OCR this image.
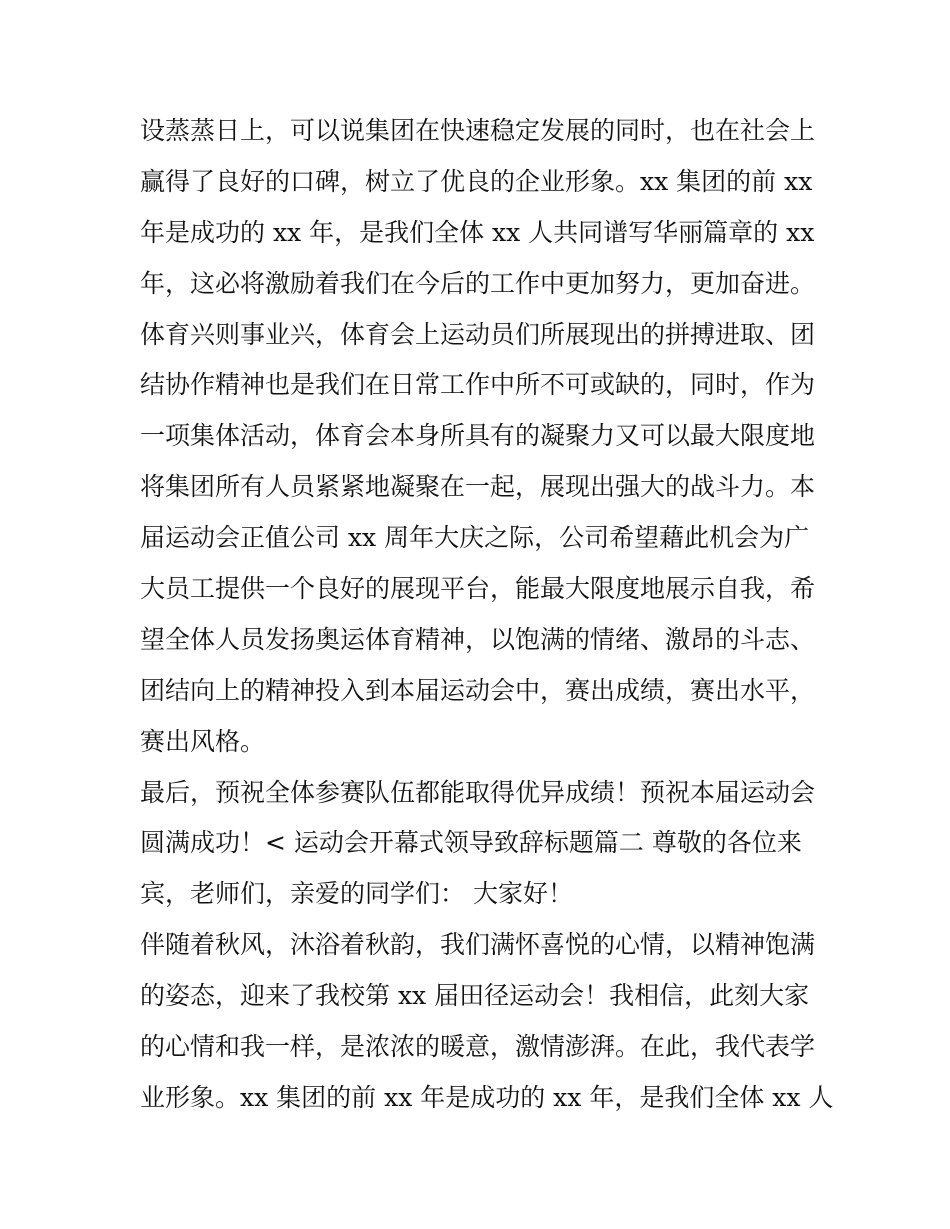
设蒸蒸日上，可以说集团在快速稳定发展的同时，也在社会上
赢得了良好的口碑，树立了优良的企业形象。xx 集团的前 xx
年是成功的 xx 年，是我们全体 xx 人共同谱写华丽篇章的 xx
年，这必将激励着我们在今后的工作中更加努力，更加奋进。
体育兴则事业兴，体育会上运动员们所展现出的拼搏进取、团
结协作精神也是我们在日常工作中所不可或缺的，同时，作为
一项集体活动，体育会本身所具有的凝聚力又可以最大限度地
将集团所有人员紧紧地凝聚在一起，展现出强大的战斗力。本
届运动会正值公司 xx 周年大庆之际，公司希望藉此机会为广
大员工提供一个良好的展现平台，能最大限度地展示自我，希
望全体人员发扬奥运体育精神，以饱满的情绪、激昂的斗志、
团结向上的精神投入到本届运动会中，赛出成绩，赛出水平，
赛出风格。
最后，预祝全体参赛队伍都能取得优异成绩！预祝本届运动会
圆满成功！< 运动会开幕式领导致辞标题篇二 尊敬的各位来
宾，老师们，亲爱的同学们： 大家好！
伴随着秋风，沐浴着秋韵，我们满怀喜悦的心情，以精神饱满
的姿态，迎来了我校第 xx 届田径运动会！我相信，此刻大家
的心情和我一样，是浓浓的暖意，激情澎湃。在此，我代表学
业形象。xx 集团的前 xx 年是成功的 xx 年，是我们全体 xx 人
